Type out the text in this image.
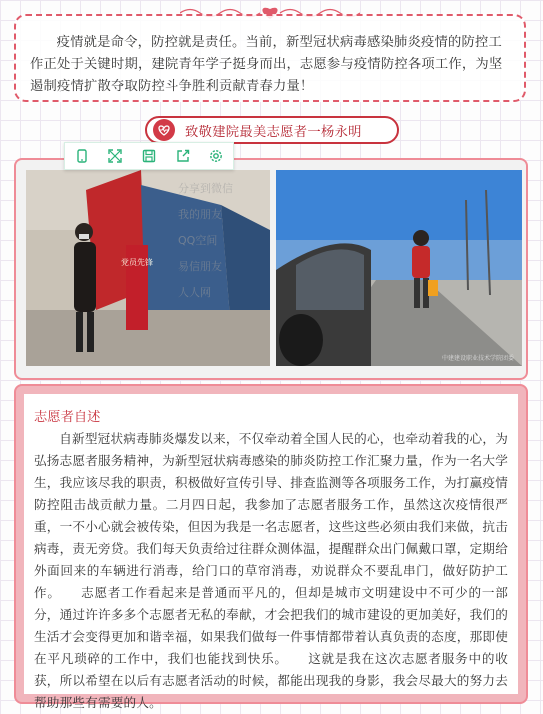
疫情就是命令，防控就是责任。当前，新型冠状病毒感染肺炎疫情的防控工作正处于关键时期，建院青年学子挺身而出，志愿参与疫情防控各项工作，为坚遏制疫情扩散夺取防控斗争胜利贡献青春力量！
致敬建院最美志愿者一杨永明
党员先锋
中建建设职业技术学院团委
分享到微信
我的朋友
QQ空间
易信朋友
人人网
志愿者自述
自新型冠状病毒肺炎爆发以来，不仅牵动着全国人民的心，也牵动着我的心，为弘扬志愿者服务精神，为新型冠状病毒感染的肺炎防控工作汇聚力量，作为一名大学生，我应该尽我的职责，积极做好宣传引导、排查监测等各项服务工作，为打赢疫情防控阻击战贡献力量。二月四日起，我参加了志愿者服务工作，虽然这次疫情很严重，一不小心就会被传染，但因为我是一名志愿者，这些这些必须由我们来做，抗击病毒，责无旁贷。我们每天负责给过往群众测体温，提醒群众出门佩戴口罩，定期给外面回来的车辆进行消毒，给门口的草帘消毒，劝说群众不要乱串门，做好防护工作。　　志愿者工作看起来是普通而平凡的，但却是城市文明建设中不可少的一部分，通过许许多多个志愿者无私的奉献，才会把我们的城市建设的更加美好，我们的生活才会变得更加和谐幸福，如果我们做每一件事情都带着认真负责的态度，那即使在平凡琐碎的工作中，我们也能找到快乐。　　这就是我在这次志愿者服务中的收获，所以希望在以后有志愿者活动的时候，都能出现我的身影，我会尽最大的努力去帮助那些有需要的人。
